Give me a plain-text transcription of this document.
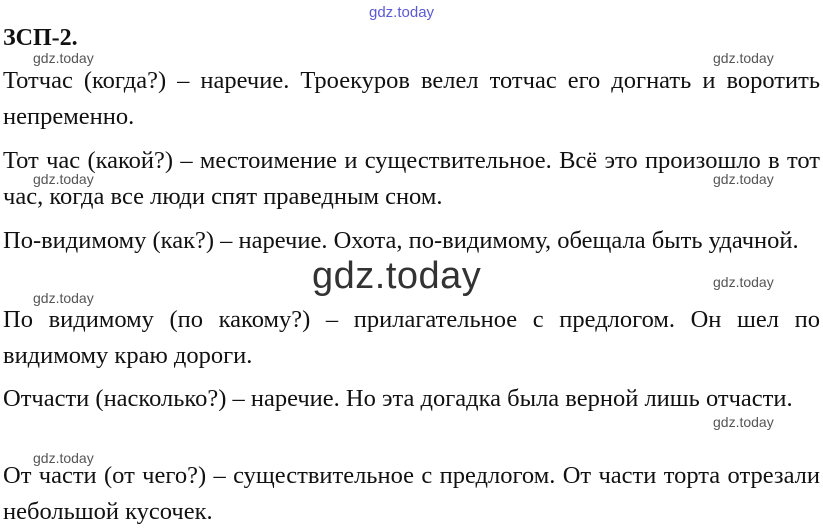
gdz.today
gdz.today	gdz.today
gdz.today	gdz.today
gdz.today
gdz.today
gdz.today
gdz.today
gdz.today
ЗСП-2.
Тотчас (когда?) – наречие. Троекуров велел тотчас его догнать и воротить непременно.
Тот час (какой?) – местоимение и существительное. Всё это произошло в тот час, когда все люди спят праведным сном.
По-видимому (как?) – наречие. Охота, по-видимому, обещала быть удачной.
По видимому (по какому?) – прилагательное с предлогом. Он шел по видимому краю дороги.
Отчасти (насколько?) – наречие. Но эта догадка была верной лишь отчасти.
От части (от чего?) – существительное с предлогом. От части торта отрезали небольшой кусочек.
